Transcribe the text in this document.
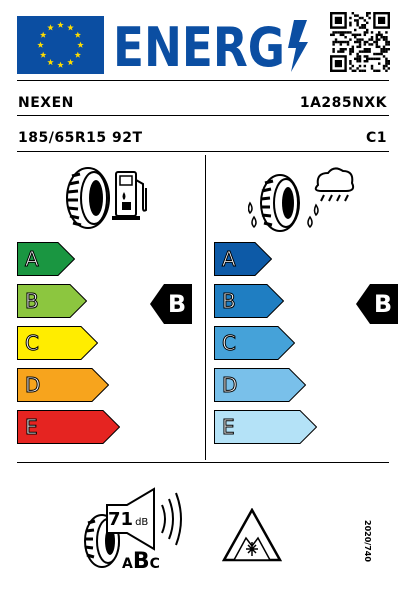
ENERG
NEXEN	1A285NXK
185/65R15 92T	C1
A
B
C
D
E
A
B
C
D
E
B	B
71 dB
A B C
2020/740
